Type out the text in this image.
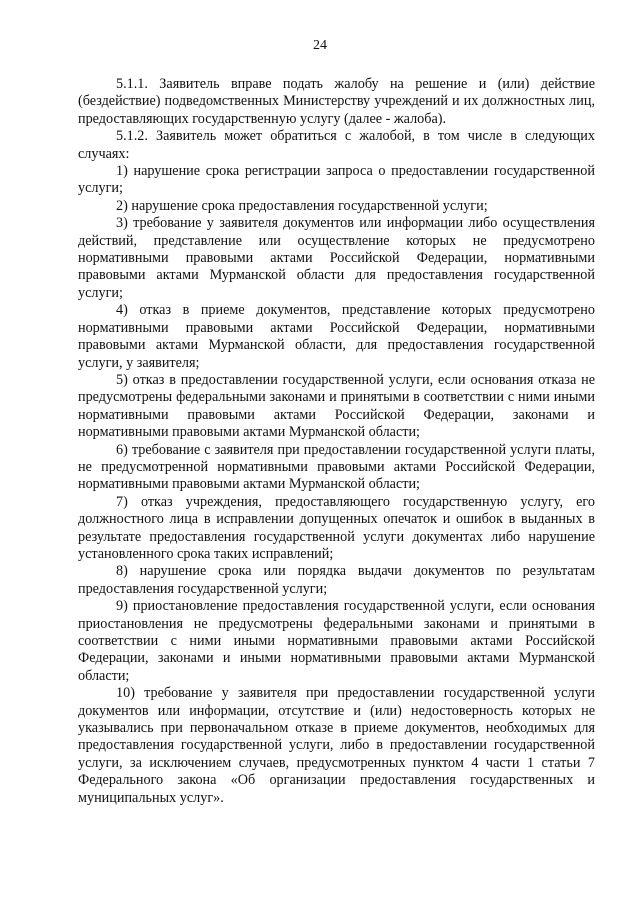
24

5.1.1. Заявитель вправе подать жалобу на решение и (или) действие (бездействие) подведомственных Министерству учреждений и их должностных лиц, предоставляющих государственную услугу (далее - жалоба).

5.1.2. Заявитель может обратиться с жалобой, в том числе в следующих случаях:

1) нарушение срока регистрации запроса о предоставлении государственной услуги;

2) нарушение срока предоставления государственной услуги;

3) требование у заявителя документов или информации либо осуществления действий, представление или осуществление которых не предусмотрено нормативными правовыми актами Российской Федерации, нормативными правовыми актами Мурманской области для предоставления государственной услуги;

4) отказ в приеме документов, представление которых предусмотрено нормативными правовыми актами Российской Федерации, нормативными правовыми актами Мурманской области, для предоставления государственной услуги, у заявителя;

5) отказ в предоставлении государственной услуги, если основания отказа не предусмотрены федеральными законами и принятыми в соответствии с ними иными нормативными правовыми актами Российской Федерации, законами и нормативными правовыми актами Мурманской области;

6) требование с заявителя при предоставлении государственной услуги платы, не предусмотренной нормативными правовыми актами Российской Федерации, нормативными правовыми актами Мурманской области;

7) отказ учреждения, предоставляющего государственную услугу, его должностного лица в исправлении допущенных опечаток и ошибок в выданных в результате предоставления государственной услуги документах либо нарушение установленного срока таких исправлений;

8) нарушение срока или порядка выдачи документов по результатам предоставления государственной услуги;

9) приостановление предоставления государственной услуги, если основания приостановления не предусмотрены федеральными законами и принятыми в соответствии с ними иными нормативными правовыми актами Российской Федерации, законами и иными нормативными правовыми актами Мурманской области;

10) требование у заявителя при предоставлении государственной услуги документов или информации, отсутствие и (или) недостоверность которых не указывались при первоначальном отказе в приеме документов, необходимых для предоставления государственной услуги, либо в предоставлении государственной услуги, за исключением случаев, предусмотренных пунктом 4 части 1 статьи 7 Федерального закона «Об организации предоставления государственных и муниципальных услуг».
